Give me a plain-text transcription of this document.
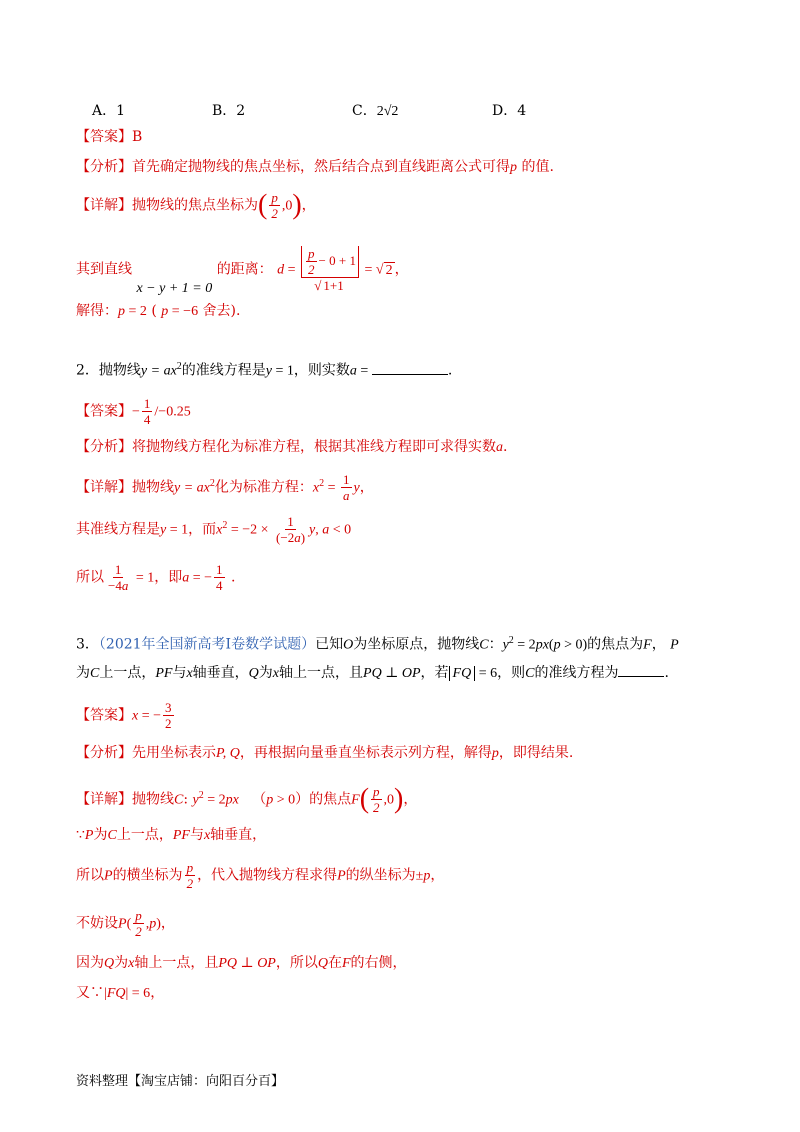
A．1	B．2	C．2√2	D．4
【答案】B
【分析】首先确定抛物线的焦点坐标，然后结合点到直线距离公式可得p 的值.
【详解】抛物线的焦点坐标为( $\frac{p}{2} ,0$)，
其到直线 x − y + 1 = 0 的距离： $d = \frac{\frac{p}{2} - 0 + 1}{√ 1+1}$ = √ 2 ，
解得：p = 2 ( p = −6 舍去).
2．抛物线$y = ax^2$的准线方程是y = 1，则实数a =	.
【答案】− $\frac{1}{4} /-0.25$
【分析】将抛物线方程化为标准方程，根据其准线方程即可求得实数a.
【详解】抛物线$y = ax^2$化为标准方程：$x^2 = \frac{1}{a}$ y，
其准线方程是y = 1，而$x^2 = -2 \times \frac{1}{(-2a)} y$, a < 0
所以 $\frac{1}{-4a} = 1$，即a = − $\frac{1}{4}$ .
3．（2021年全国新高考Ⅰ卷数学试题）已知O为坐标原点，抛物线C：$y^2 = 2px(p > 0)$的焦点为F， P
为C上一点，PF与x轴垂直，Q为x轴上一点，且PQ ⊥ OP，若 FQ = 6，则C的准线方程为	.
【答案】x = − $\frac{3}{2}$
【分析】先用坐标表示P, Q，再根据向量垂直坐标表示列方程，解得p，即得结果.
【详解】抛物线C: $y^2 = 2px$   （p > 0）的焦点$F( \frac{p}{2} ,0)$，
∵P为C上一点，PF与x轴垂直，
所以P的横坐标为 $\frac{p}{2}$ ，代入抛物线方程求得P的纵坐标为±p，
不妨设$P( \frac{p}{2} ,p)$，
因为Q为x轴上一点，且PQ ⊥ OP，所以Q在F的右侧，
又∵|FQ| = 6，
资料整理【淘宝店铺：向阳百分百】
